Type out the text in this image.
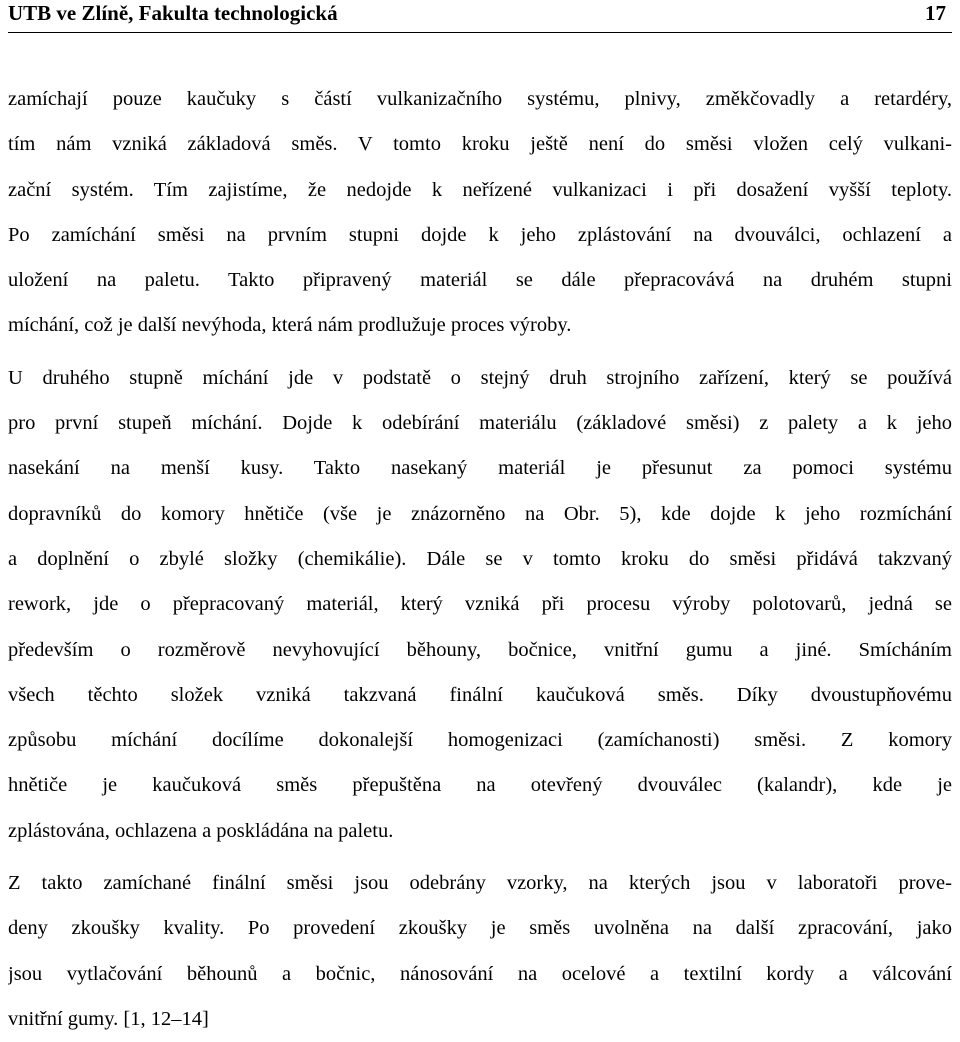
UTB ve Zlíně, Fakulta technologická	17
zamíchají pouze kaučuky s částí vulkanizačního systému, plnivy, změkčovadly a retardéry,
tím nám vzniká základová směs. V tomto kroku ještě není do směsi vložen celý vulkani-
zační systém. Tím zajistíme, že nedojde k neřízené vulkanizaci i při dosažení vyšší teploty.
Po zamíchání směsi na prvním stupni dojde k jeho zplástování na dvouválci, ochlazení a
uložení na paletu. Takto připravený materiál se dále přepracovává na druhém stupni
míchání, což je další nevýhoda, která nám prodlužuje proces výroby.
U druhého stupně míchání jde v podstatě o stejný druh strojního zařízení, který se používá
pro první stupeň míchání. Dojde k odebírání materiálu (základové směsi) z palety a k jeho
nasekání na menší kusy. Takto nasekaný materiál je přesunut za pomoci systému
dopravníků do komory hnětiče (vše je znázorněno na Obr. 5), kde dojde k jeho rozmíchání
a doplnění o zbylé složky (chemikálie). Dále se v tomto kroku do směsi přidává takzvaný
rework, jde o přepracovaný materiál, který vzniká při procesu výroby polotovarů, jedná se
především o rozměrově nevyhovující běhouny, bočnice, vnitřní gumu a jiné. Smícháním
všech těchto složek vzniká takzvaná finální kaučuková směs. Díky dvoustupňovému
způsobu míchání docílíme dokonalejší homogenizaci (zamíchanosti) směsi. Z komory
hnětiče je kaučuková směs přepuštěna na otevřený dvouválec (kalandr), kde je
zplástována, ochlazena a poskládána na paletu.
Z takto zamíchané finální směsi jsou odebrány vzorky, na kterých jsou v laboratoři prove-
deny zkoušky kvality. Po provedení zkoušky je směs uvolněna na další zpracování, jako
jsou vytlačování běhounů a bočnic, nánosování na ocelové a textilní kordy a válcování
vnitřní gumy. [1, 12–14]
